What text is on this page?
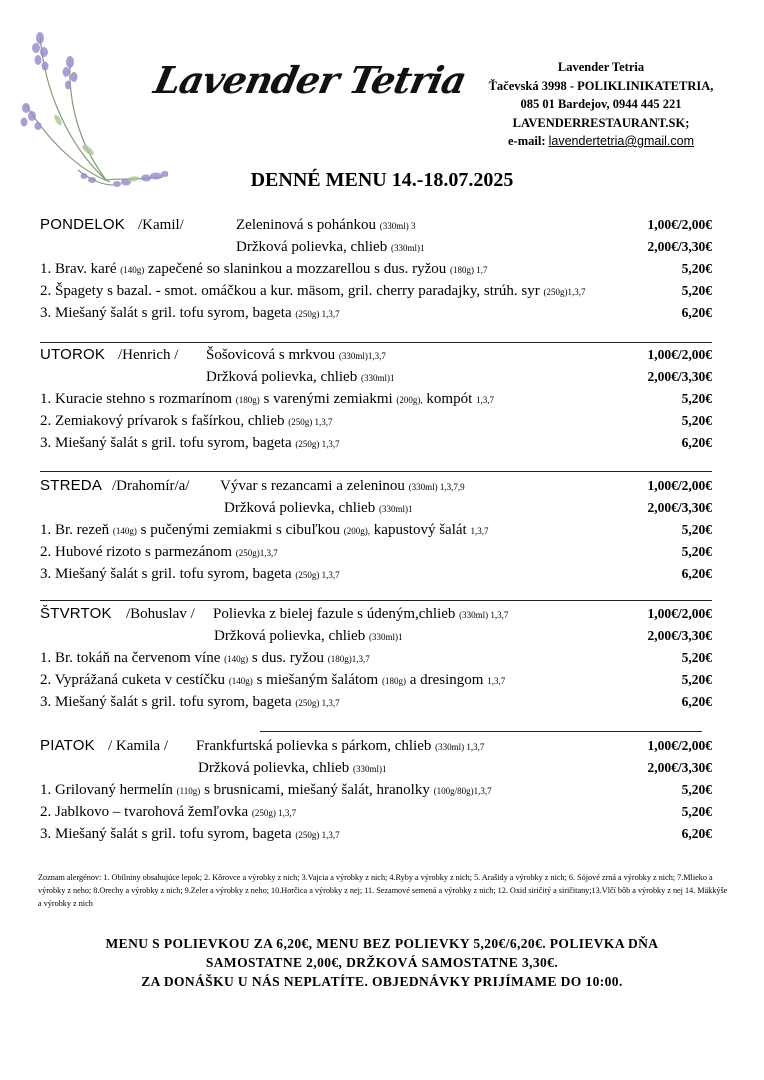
Lavender Tetria	Lavender Tetria
Ťačevská 3998 - POLIKLINIKATETRIA,
085 01 Bardejov, 0944 445 221
LAVENDERRESTAURANT.SK;
e-mail: lavendertetria@gmail.com
DENNÉ MENU 14.-18.07.2025
PONDELOK /Kamil/	Zeleninová s pohánkou (330ml) 3	1,00€/2,00€
Držková polievka, chlieb (330ml)1	2,00€/3,30€
1. Brav. karé (140g) zapečené so slaninkou a mozzarellou s dus. ryžou (180g) 1,7	5,20€
2. Špagety s bazal. - smot. omáčkou a kur. mäsom, gril. cherry paradajky, strúh. syr (250g)1,3,7	5,20€
3. Miešaný šalát s gril. tofu syrom, bageta (250g) 1,3,7	6,20€
UTOROK /Henrich / Šošovicová s mrkvou (330ml)1,3,7	1,00€/2,00€
Držková polievka, chlieb (330ml)1	2,00€/3,30€
1. Kuracie stehno s rozmarínom (180g) s varenými zemiakmi (200g), kompót 1,3,7	5,20€
2. Zemiakový prívarok s fašírkou, chlieb (250g) 1,3,7	5,20€
3. Miešaný šalát s gril. tofu syrom, bageta (250g) 1,3,7	6,20€
STREDA /Drahomír/a/ Vývar s rezancami a zeleninou (330ml) 1,3,7,9	1,00€/2,00€
Držková polievka, chlieb (330ml)1	2,00€/3,30€
1. Br. rezeň (140g) s pučenými zemiakmi s cibuľkou (200g), kapustový šalát 1,3,7	5,20€
2. Hubové rizoto s parmezánom (250g)1,3,7	5,20€
3. Miešaný šalát s gril. tofu syrom, bageta (250g) 1,3,7	6,20€
ŠTVRTOK /Bohuslav / Polievka z bielej fazule s údeným,chlieb (330ml) 1,3,7	1,00€/2,00€
Držková polievka, chlieb (330ml)1	2,00€/3,30€
1. Br. tokáň na červenom víne (140g) s dus. ryžou (180g)1,3,7	5,20€
2. Vyprážaná cuketa v cestíčku (140g) s miešaným šalátom (180g) a dresingom 1,3,7	5,20€
3. Miešaný šalát s gril. tofu syrom, bageta (250g) 1,3,7	6,20€
PIATOK / Kamila / Frankfurtská polievka s párkom, chlieb (330ml) 1,3,7	1,00€/2,00€
Držková polievka, chlieb (330ml)1	2,00€/3,30€
1. Grilovaný hermelín (110g) s brusnicami, miešaný šalát, hranolky (100g/80g)1,3,7	5,20€
2. Jablkovo – tvarohová žemľovka (250g) 1,3,7	5,20€
3. Miešaný šalát s gril. tofu syrom, bageta (250g) 1,3,7	6,20€
Zoznam alergénov: 1. Obilniny obsahujúce lepok; 2. Kôrovce a výrobky z nich; 3.Vajcia a výrobky z nich; 4.Ryby a výrobky z nich; 5. Arašidy a výrobky z nich; 6. Sójové zrná a výrobky z nich; 7.Mlieko a výrobky z neho; 8.Orechy a výrobky z nich; 9.Zeler a výrobky z neho; 10.Horčica a výrobky z nej; 11. Sezamové semená a výrobky z nich; 12. Oxid siričitý a siričitany;13.Vlčí bôb a výrobky z nej 14. Mäkkýše a výrobky z nich
MENU S POLIEVKOU ZA 6,20€, MENU BEZ POLIEVKY 5,20€/6,20€. POLIEVKA DŇA
SAMOSTATNE 2,00€, DRŽKOVÁ SAMOSTATNE 3,30€.
ZA DONÁŠKU U NÁS NEPLATÍTE. OBJEDNÁVKY PRIJÍMAME DO 10:00.
